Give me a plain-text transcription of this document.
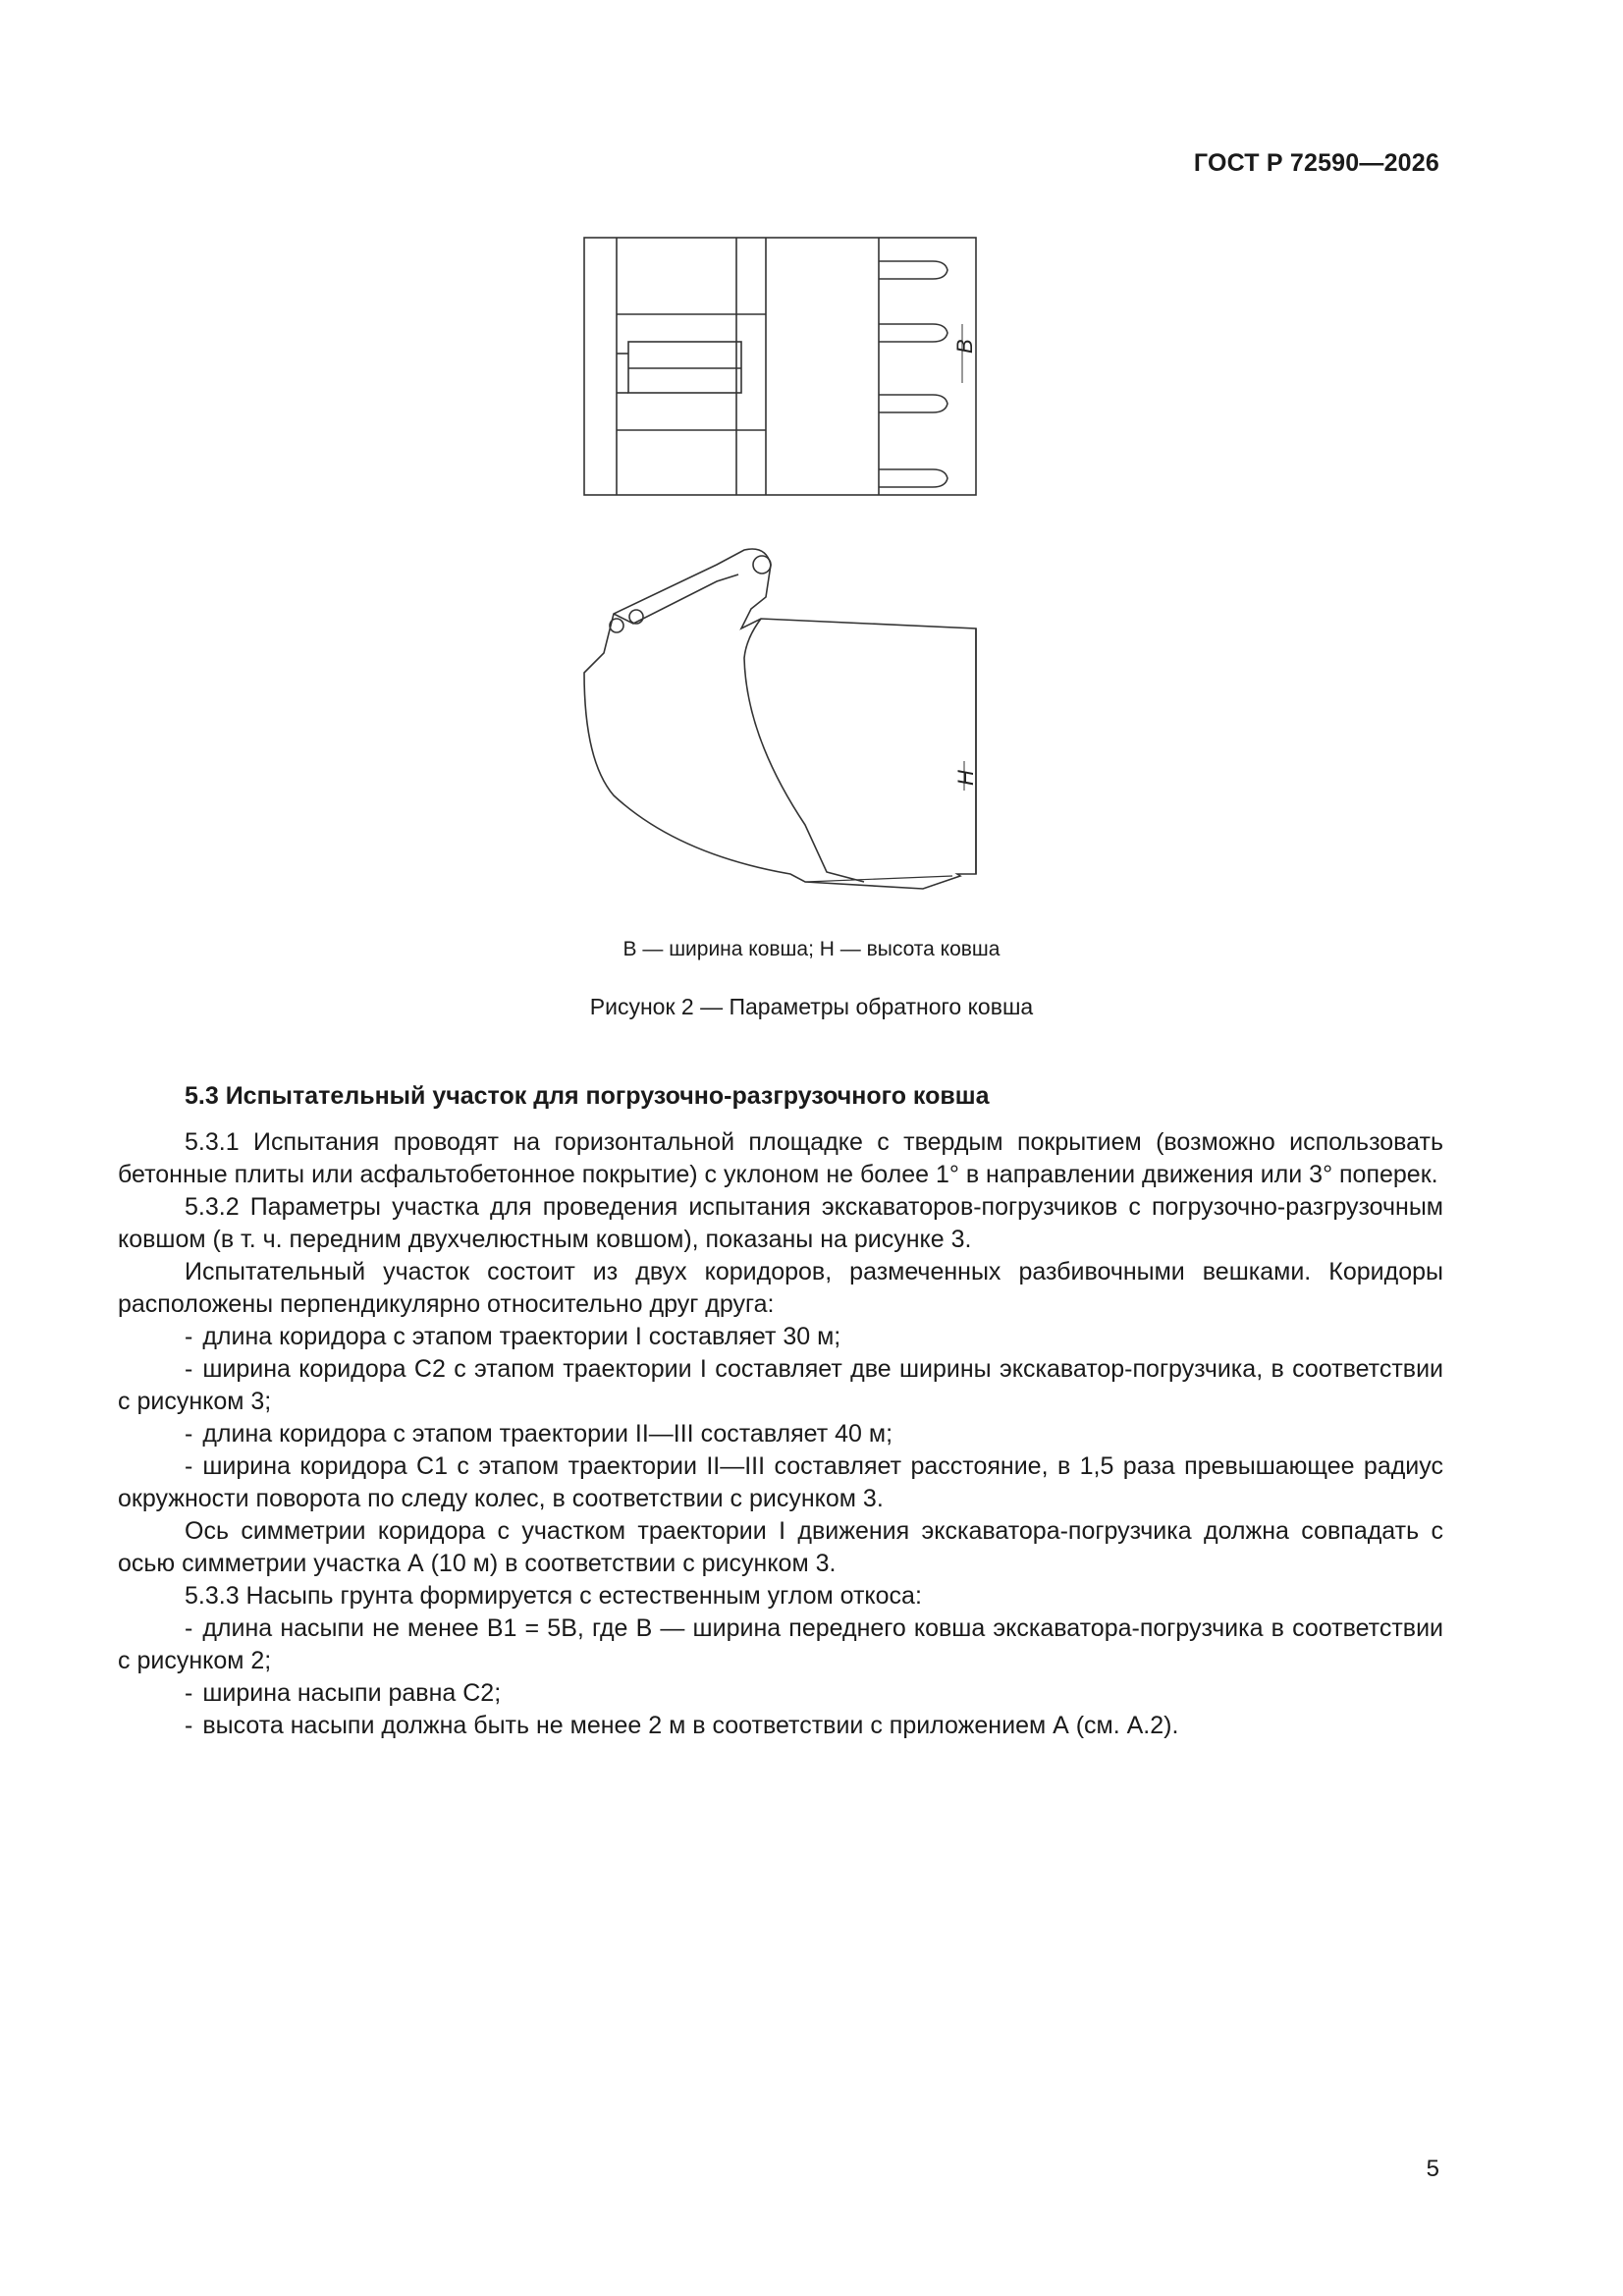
ГОСТ Р 72590—2026
B
H
B — ширина ковша; H — высота ковша
Рисунок 2 — Параметры обратного ковша
5.3 Испытательный участок для погрузочно-разгрузочного ковша

5.3.1 Испытания проводят на горизонтальной площадке с твердым покрытием (возможно использовать бетонные плиты или асфальтобетонное покрытие) с уклоном не более 1° в направлении движения или 3° поперек.

5.3.2 Параметры участка для проведения испытания экскаваторов-погрузчиков с погрузочно-разгрузочным ковшом (в т. ч. передним двухчелюстным ковшом), показаны на рисунке 3.

Испытательный участок состоит из двух коридоров, размеченных разбивочными вешками. Коридоры расположены перпендикулярно относительно друг друга:

- длина коридора с этапом траектории I составляет 30 м;

- ширина коридора C2 с этапом траектории I составляет две ширины экскаватор-погрузчика, в соответствии с рисунком 3;

- длина коридора с этапом траектории II—III составляет 40 м;

- ширина коридора C1 с этапом траектории II—III составляет расстояние, в 1,5 раза превышающее радиус окружности поворота по следу колес, в соответствии с рисунком 3.

Ось симметрии коридора с участком траектории I движения экскаватора-погрузчика должна совпадать с осью симметрии участка А (10 м) в соответствии с рисунком 3.

5.3.3 Насыпь грунта формируется с естественным углом откоса:

- длина насыпи не менее B1 = 5В, где B — ширина переднего ковша экскаватора-погрузчика в соответствии с рисунком 2;

- ширина насыпи равна C2;

- высота насыпи должна быть не менее 2 м в соответствии с приложением А (см. А.2).

5
